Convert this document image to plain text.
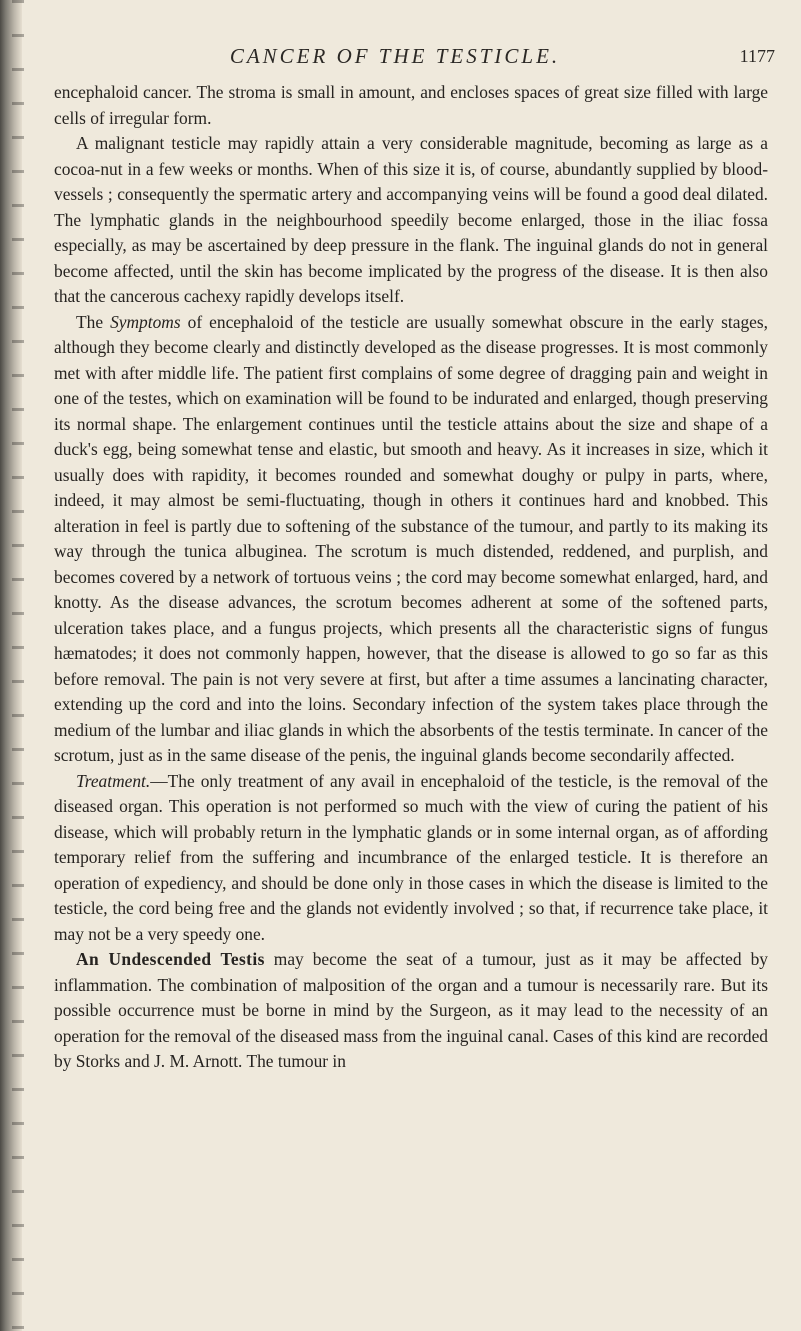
CANCER OF THE TESTICLE.	1177

encephaloid cancer. The stroma is small in amount, and encloses spaces of great size filled with large cells of irregular form.

A malignant testicle may rapidly attain a very considerable magnitude, becoming as large as a cocoa-nut in a few weeks or months. When of this size it is, of course, abundantly supplied by blood-vessels ; consequently the spermatic artery and accompanying veins will be found a good deal dilated. The lymphatic glands in the neighbourhood speedily become enlarged, those in the iliac fossa especially, as may be ascertained by deep pressure in the flank. The inguinal glands do not in general become affected, until the skin has become implicated by the progress of the disease. It is then also that the cancerous cachexy rapidly develops itself.

The Symptoms of encephaloid of the testicle are usually somewhat obscure in the early stages, although they become clearly and distinctly developed as the disease progresses. It is most commonly met with after middle life. The patient first complains of some degree of dragging pain and weight in one of the testes, which on examination will be found to be indurated and enlarged, though preserving its normal shape. The enlargement continues until the testicle attains about the size and shape of a duck's egg, being somewhat tense and elastic, but smooth and heavy. As it increases in size, which it usually does with rapidity, it becomes rounded and somewhat doughy or pulpy in parts, where, indeed, it may almost be semi-fluctuating, though in others it continues hard and knobbed. This alteration in feel is partly due to softening of the substance of the tumour, and partly to its making its way through the tunica albuginea. The scrotum is much distended, reddened, and purplish, and becomes covered by a network of tortuous veins ; the cord may become somewhat enlarged, hard, and knotty. As the disease advances, the scrotum becomes adherent at some of the softened parts, ulceration takes place, and a fungus projects, which presents all the characteristic signs of fungus hæmatodes; it does not commonly happen, however, that the disease is allowed to go so far as this before removal. The pain is not very severe at first, but after a time assumes a lancinating character, extending up the cord and into the loins. Secondary infection of the system takes place through the medium of the lumbar and iliac glands in which the absorbents of the testis terminate. In cancer of the scrotum, just as in the same disease of the penis, the inguinal glands become secondarily affected.

Treatment.—The only treatment of any avail in encephaloid of the testicle, is the removal of the diseased organ. This operation is not performed so much with the view of curing the patient of his disease, which will probably return in the lymphatic glands or in some internal organ, as of affording temporary relief from the suffering and incumbrance of the enlarged testicle. It is therefore an operation of expediency, and should be done only in those cases in which the disease is limited to the testicle, the cord being free and the glands not evidently involved ; so that, if recurrence take place, it may not be a very speedy one.

An Undescended Testis may become the seat of a tumour, just as it may be affected by inflammation. The combination of malposition of the organ and a tumour is necessarily rare. But its possible occurrence must be borne in mind by the Surgeon, as it may lead to the necessity of an operation for the removal of the diseased mass from the inguinal canal. Cases of this kind are recorded by Storks and J. M. Arnott. The tumour in
